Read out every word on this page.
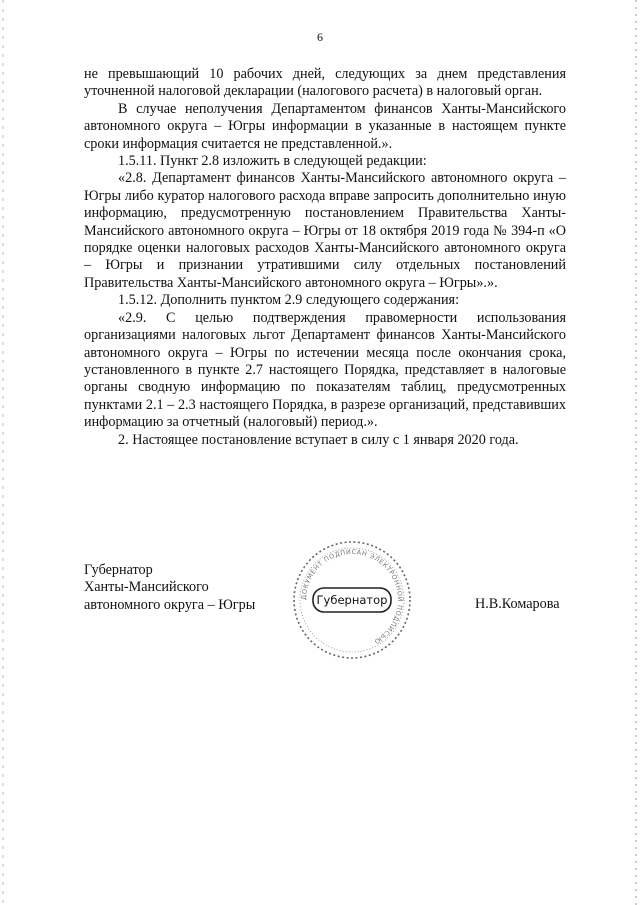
6

не превышающий 10 рабочих дней, следующих за днем представления уточненной налоговой декларации (налогового расчета) в налоговый орган.

В случае неполучения Департаментом финансов Ханты-Мансийского автономного округа – Югры информации в указанные в настоящем пункте сроки информация считается не представленной.».

1.5.11. Пункт 2.8 изложить в следующей редакции:

«2.8. Департамент финансов Ханты-Мансийского автономного округа – Югры либо куратор налогового расхода вправе запросить дополнительно иную информацию, предусмотренную постановлением Правительства Ханты-Мансийского автономного округа – Югры от 18 октября 2019 года № 394-п «О порядке оценки налоговых расходов Ханты-Мансийского автономного округа – Югры и признании утратившими силу отдельных постановлений Правительства Ханты-Мансийского автономного округа – Югры».».

1.5.12. Дополнить пунктом 2.9 следующего содержания:

«2.9. С целью подтверждения правомерности использования организациями налоговых льгот Департамент финансов Ханты-Мансийского автономного округа – Югры по истечении месяца после окончания срока, установленного в пункте 2.7 настоящего Порядка, представляет в налоговые органы сводную информацию по показателям таблиц, предусмотренных пунктами 2.1 – 2.3 настоящего Порядка, в разрезе организаций, представивших информацию за отчетный (налоговый) период.».

2. Настоящее постановление вступает в силу с 1 января 2020 года.

Губернатор
Ханты-Мансийского
автономного округа – Югры	ДОКУМЕНТ ПОДПИСАН ЭЛЕКТРОННОЙ ПОДПИСЬЮ
Губернатор	Н.В.Комарова
